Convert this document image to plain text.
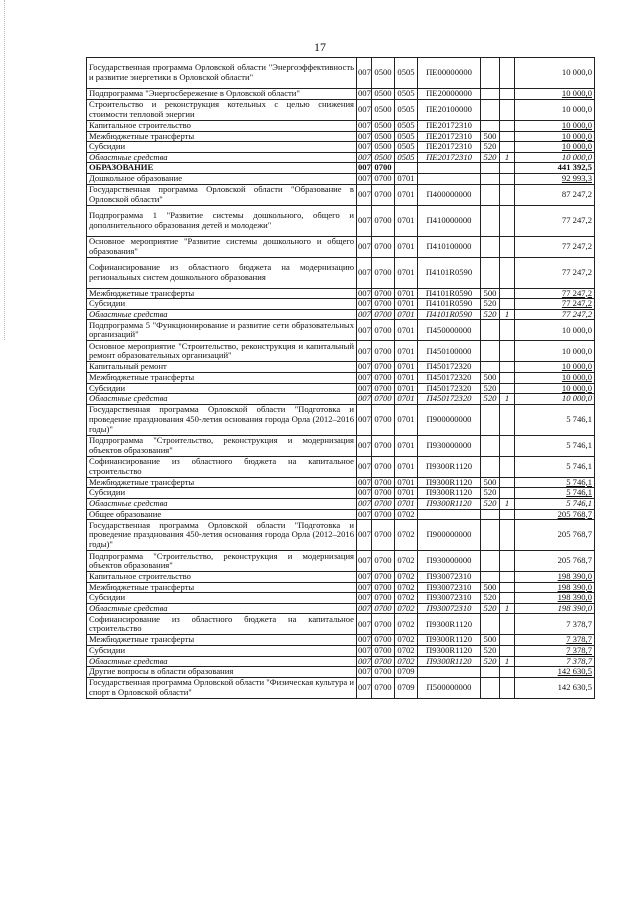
17
Государственная программа Орловской области "Энергоэффективность и развитие энергетики в Орловской области"	007	0500	0505	ПЕ00000000			10 000,0
Подпрограмма "Энергосбережение в Орловской области"	007	0500	0505	ПЕ20000000			10 000,0
Строительство и реконструкция котельных с целью снижения стоимости тепловой энергии	007	0500	0505	ПЕ20100000			10 000,0
Капитальное строительство	007	0500	0505	ПЕ20172310			10 000,0
Межбюджетные трансферты	007	0500	0505	ПЕ20172310	500		10 000,0
Субсидии	007	0500	0505	ПЕ20172310	520		10 000,0
Областные средства	007	0500	0505	ПЕ20172310	520	1	10 000,0
ОБРАЗОВАНИЕ	007	0700					441 392,5
Дошкольное образование	007	0700	0701				92 993,3
Государственная программа Орловской области "Образование в Орловской области"	007	0700	0701	П400000000			87 247,2
Подпрограмма 1 "Развитие системы дошкольного, общего и дополнительного образования детей и молодежи"	007	0700	0701	П410000000			77 247,2
Основное мероприятие "Развитие системы дошкольного и общего образования"	007	0700	0701	П410100000			77 247,2
Софинансирование из областного бюджета на модернизацию региональных систем дошкольного образования	007	0700	0701	П4101R0590			77 247,2
Межбюджетные трансферты	007	0700	0701	П4101R0590	500		77 247,2
Субсидии	007	0700	0701	П4101R0590	520		77 247,2
Областные средства	007	0700	0701	П4101R0590	520	1	77 247,2
Подпрограмма 5 "Функционирование и развитие сети образовательных организаций"	007	0700	0701	П450000000			10 000,0
Основное мероприятие "Строительство, реконструкция и капитальный ремонт образовательных организаций"	007	0700	0701	П450100000			10 000,0
Капитальный ремонт	007	0700	0701	П450172320			10 000,0
Межбюджетные трансферты	007	0700	0701	П450172320	500		10 000,0
Субсидии	007	0700	0701	П450172320	520		10 000,0
Областные средства	007	0700	0701	П450172320	520	1	10 000,0
Государственная программа Орловской области "Подготовка и проведение празднования 450-летия основания города Орла (2012–2016 годы)"	007	0700	0701	П900000000			5 746,1
Подпрограмма "Строительство, реконструкция и модернизация объектов образования"	007	0700	0701	П930000000			5 746,1
Софинансирование из областного бюджета на капитальное строительство	007	0700	0701	П9300R1120			5 746,1
Межбюджетные трансферты	007	0700	0701	П9300R1120	500		5 746,1
Субсидии	007	0700	0701	П9300R1120	520		5 746,1
Областные средства	007	0700	0701	П9300R1120	520	1	5 746,1
Общее образование	007	0700	0702				205 768,7
Государственная программа Орловской области "Подготовка и проведение празднования 450-летия основания города Орла (2012–2016 годы)"	007	0700	0702	П900000000			205 768,7
Подпрограмма "Строительство, реконструкция и модернизация объектов образования"	007	0700	0702	П930000000			205 768,7
Капитальное строительство	007	0700	0702	П930072310			198 390,0
Межбюджетные трансферты	007	0700	0702	П930072310	500		198 390,0
Субсидии	007	0700	0702	П930072310	520		198 390,0
Областные средства	007	0700	0702	П930072310	520	1	198 390,0
Софинансирование из областного бюджета на капитальное строительство	007	0700	0702	П9300R1120			7 378,7
Межбюджетные трансферты	007	0700	0702	П9300R1120	500		7 378,7
Субсидии	007	0700	0702	П9300R1120	520		7 378,7
Областные средства	007	0700	0702	П9300R1120	520	1	7 378,7
Другие вопросы в области образования	007	0700	0709				142 630,5
Государственная программа Орловской области "Физическая культура и спорт в Орловской области"	007	0700	0709	П500000000			142 630,5
